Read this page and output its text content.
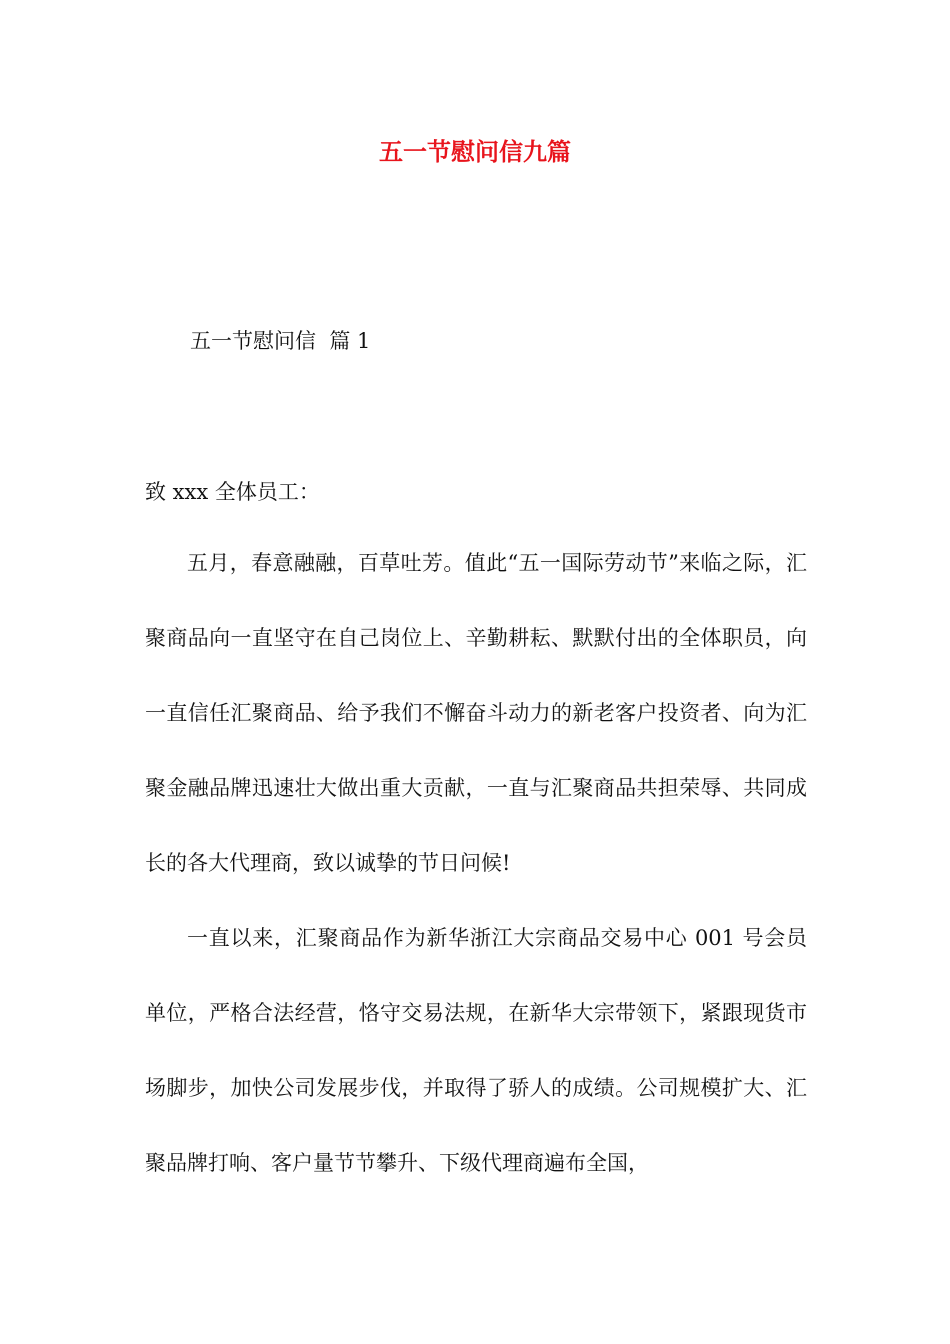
五一节慰问信九篇

五一节慰问信  篇 1

致 xxx 全体员工：

五月，春意融融，百草吐芳。值此“五一国际劳动节”来临之际，汇聚商品向一直坚守在自己岗位上、辛勤耕耘、默默付出的全体职员，向一直信任汇聚商品、给予我们不懈奋斗动力的新老客户投资者、向为汇聚金融品牌迅速壮大做出重大贡献，一直与汇聚商品共担荣辱、共同成长的各大代理商，致以诚挚的节日问候!

一直以来，汇聚商品作为新华浙江大宗商品交易中心 001 号会员单位，严格合法经营，恪守交易法规，在新华大宗带领下，紧跟现货市场脚步，加快公司发展步伐，并取得了骄人的成绩。公司规模扩大、汇聚品牌打响、客户量节节攀升、下级代理商遍布全国，
